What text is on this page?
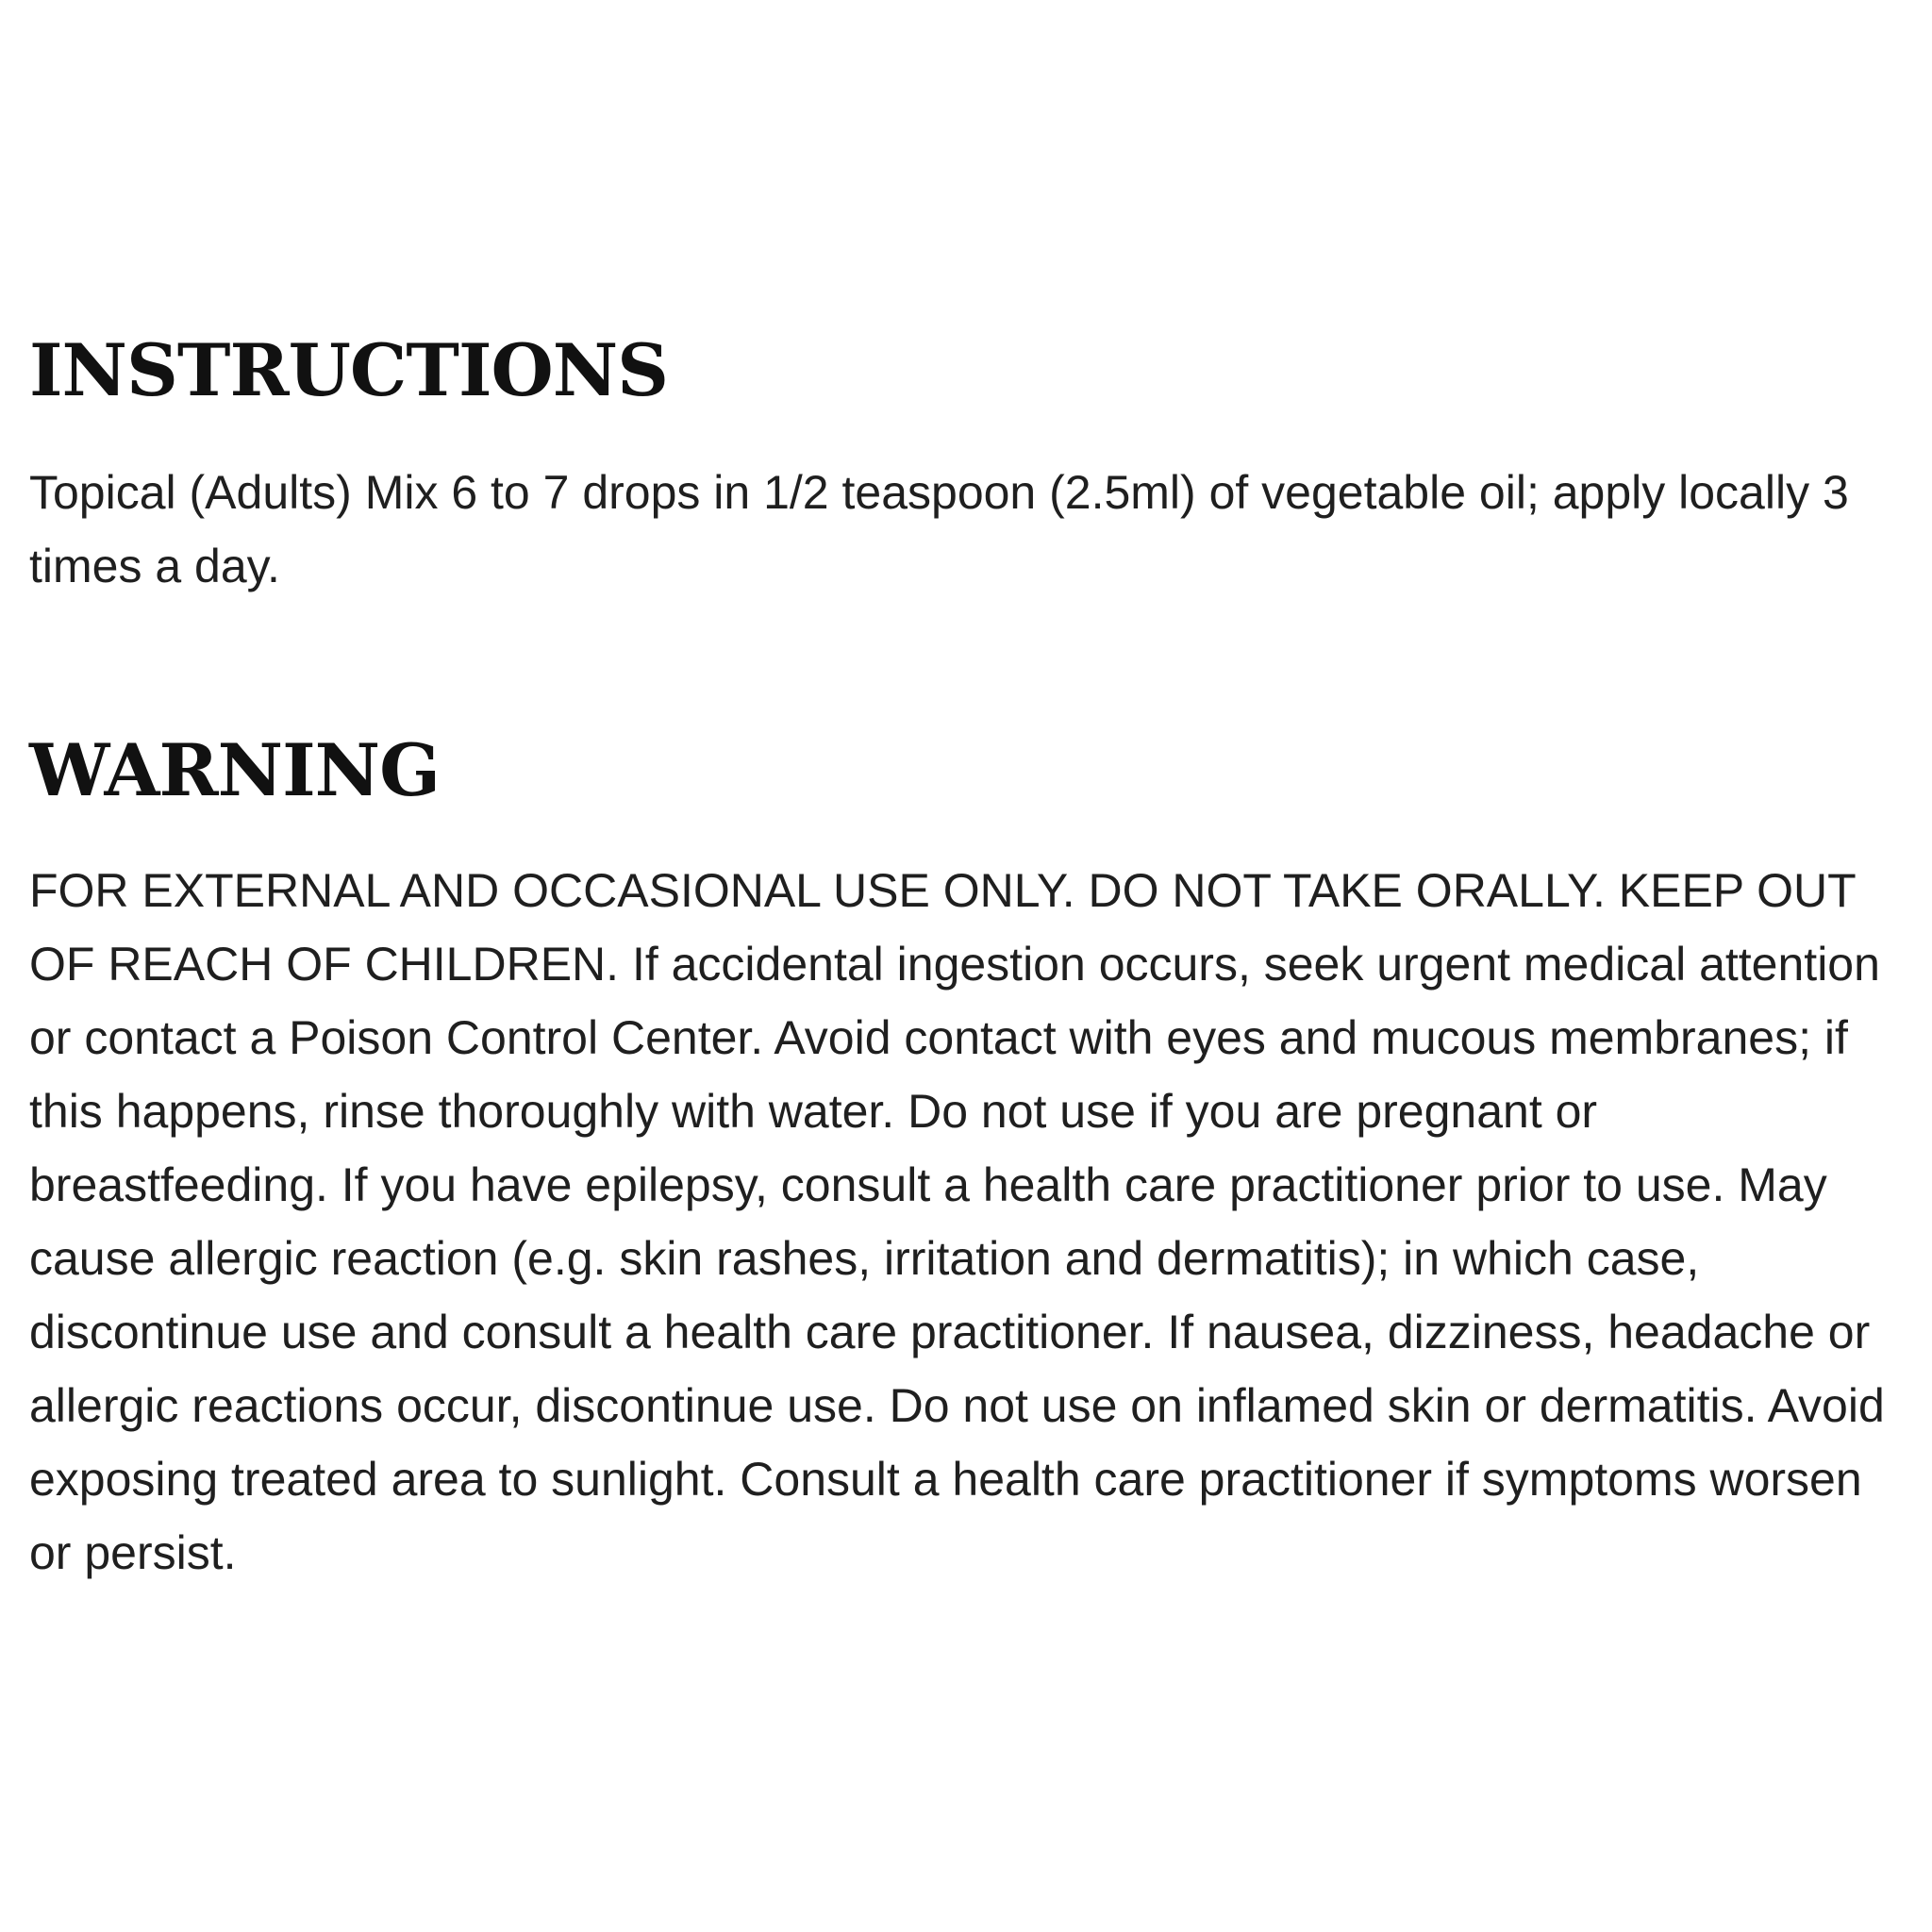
INSTRUCTIONS

Topical (Adults) Mix 6 to 7 drops in 1/2 teaspoon (2.5ml) of vegetable oil; apply locally 3 times a day.

WARNING

FOR EXTERNAL AND OCCASIONAL USE ONLY. DO NOT TAKE ORALLY. KEEP OUT OF REACH OF CHILDREN. If accidental ingestion occurs, seek urgent medical attention or contact a Poison Control Center. Avoid contact with eyes and mucous membranes; if this happens, rinse thoroughly with water. Do not use if you are pregnant or breastfeeding. If you have epilepsy, consult a health care practitioner prior to use. May cause allergic reaction (e.g. skin rashes, irritation and dermatitis); in which case, discontinue use and consult a health care practitioner. If nausea, dizziness, headache or allergic reactions occur, discontinue use. Do not use on inflamed skin or dermatitis. Avoid exposing treated area to sunlight. Consult a health care practitioner if symptoms worsen or persist.
